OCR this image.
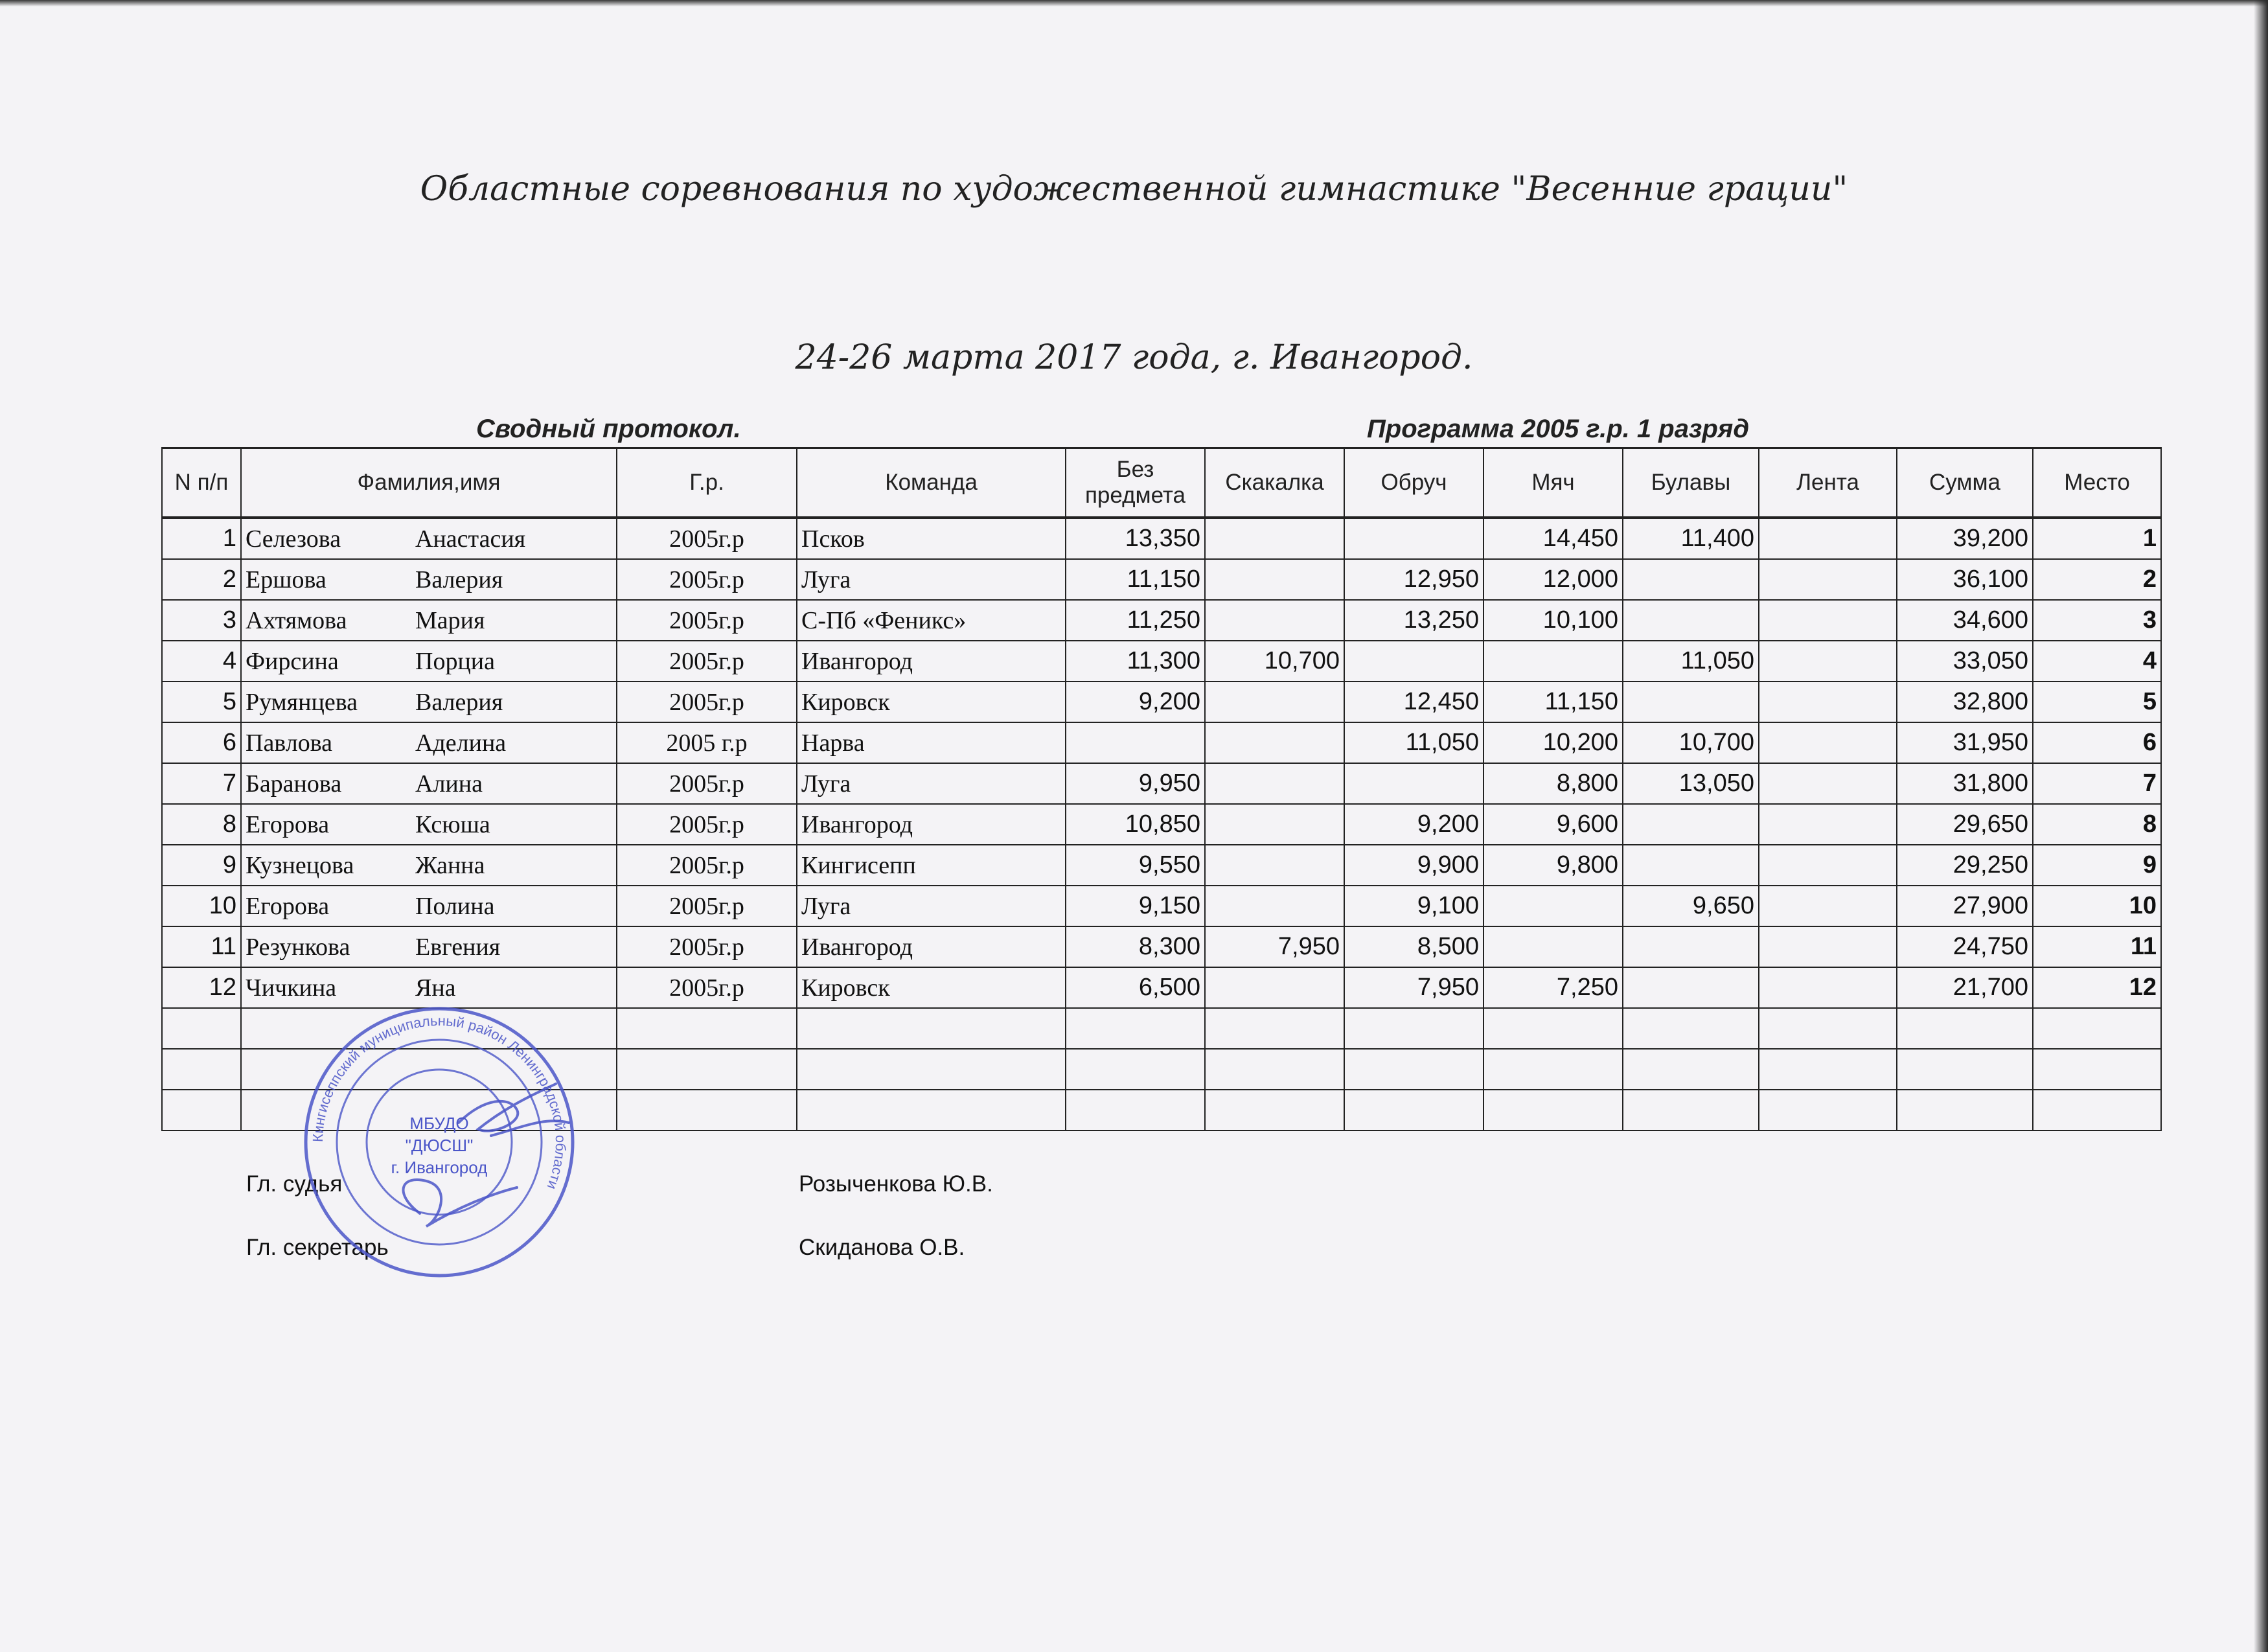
Областные соревнования по художественной гимнастике "Весенние грации"
24-26 марта 2017 года, г. Ивангород.
Сводный протокол.	Программа 2005 г.р. 1 разряд
N п/п	Фамилия,имя	Г.р.	Команда	Без предмета	Скакалка	Обруч	Мяч	Булавы	Лента	Сумма	Место
1	Селезова Анастасия	2005г.р	Псков	13,350			14,450	11,400		39,200	1
2	Ершова Валерия	2005г.р	Луга	11,150		12,950	12,000			36,100	2
3	Ахтямова Мария	2005г.р	С-Пб «Феникс»	11,250		13,250	10,100			34,600	3
4	Фирсина Порциа	2005г.р	Ивангород	11,300	10,700			11,050		33,050	4
5	Румянцева Валерия	2005г.р	Кировск	9,200		12,450	11,150			32,800	5
6	Павлова Аделина	2005 г.р	Нарва			11,050	10,200	10,700		31,950	6
7	Баранова Алина	2005г.р	Луга	9,950			8,800	13,050		31,800	7
8	Егорова Ксюша	2005г.р	Ивангород	10,850		9,200	9,600			29,650	8
9	Кузнецова Жанна	2005г.р	Кингисепп	9,550		9,900	9,800			29,250	9
10	Егорова Полина	2005г.р	Луга	9,150		9,100		9,650		27,900	10
11	Резункова Евгения	2005г.р	Ивангород	8,300	7,950	8,500				24,750	11
12	Чичкина Яна	2005г.р	Кировск	6,500		7,950	7,250			21,700	12

Гл. судья	Розыченкова Ю.В.
Гл. секретарь	Скиданова О.В.
Кингисеппский муниципальный район Ленинградской области
МБУДО
"ДЮСШ"
г. Ивангород
